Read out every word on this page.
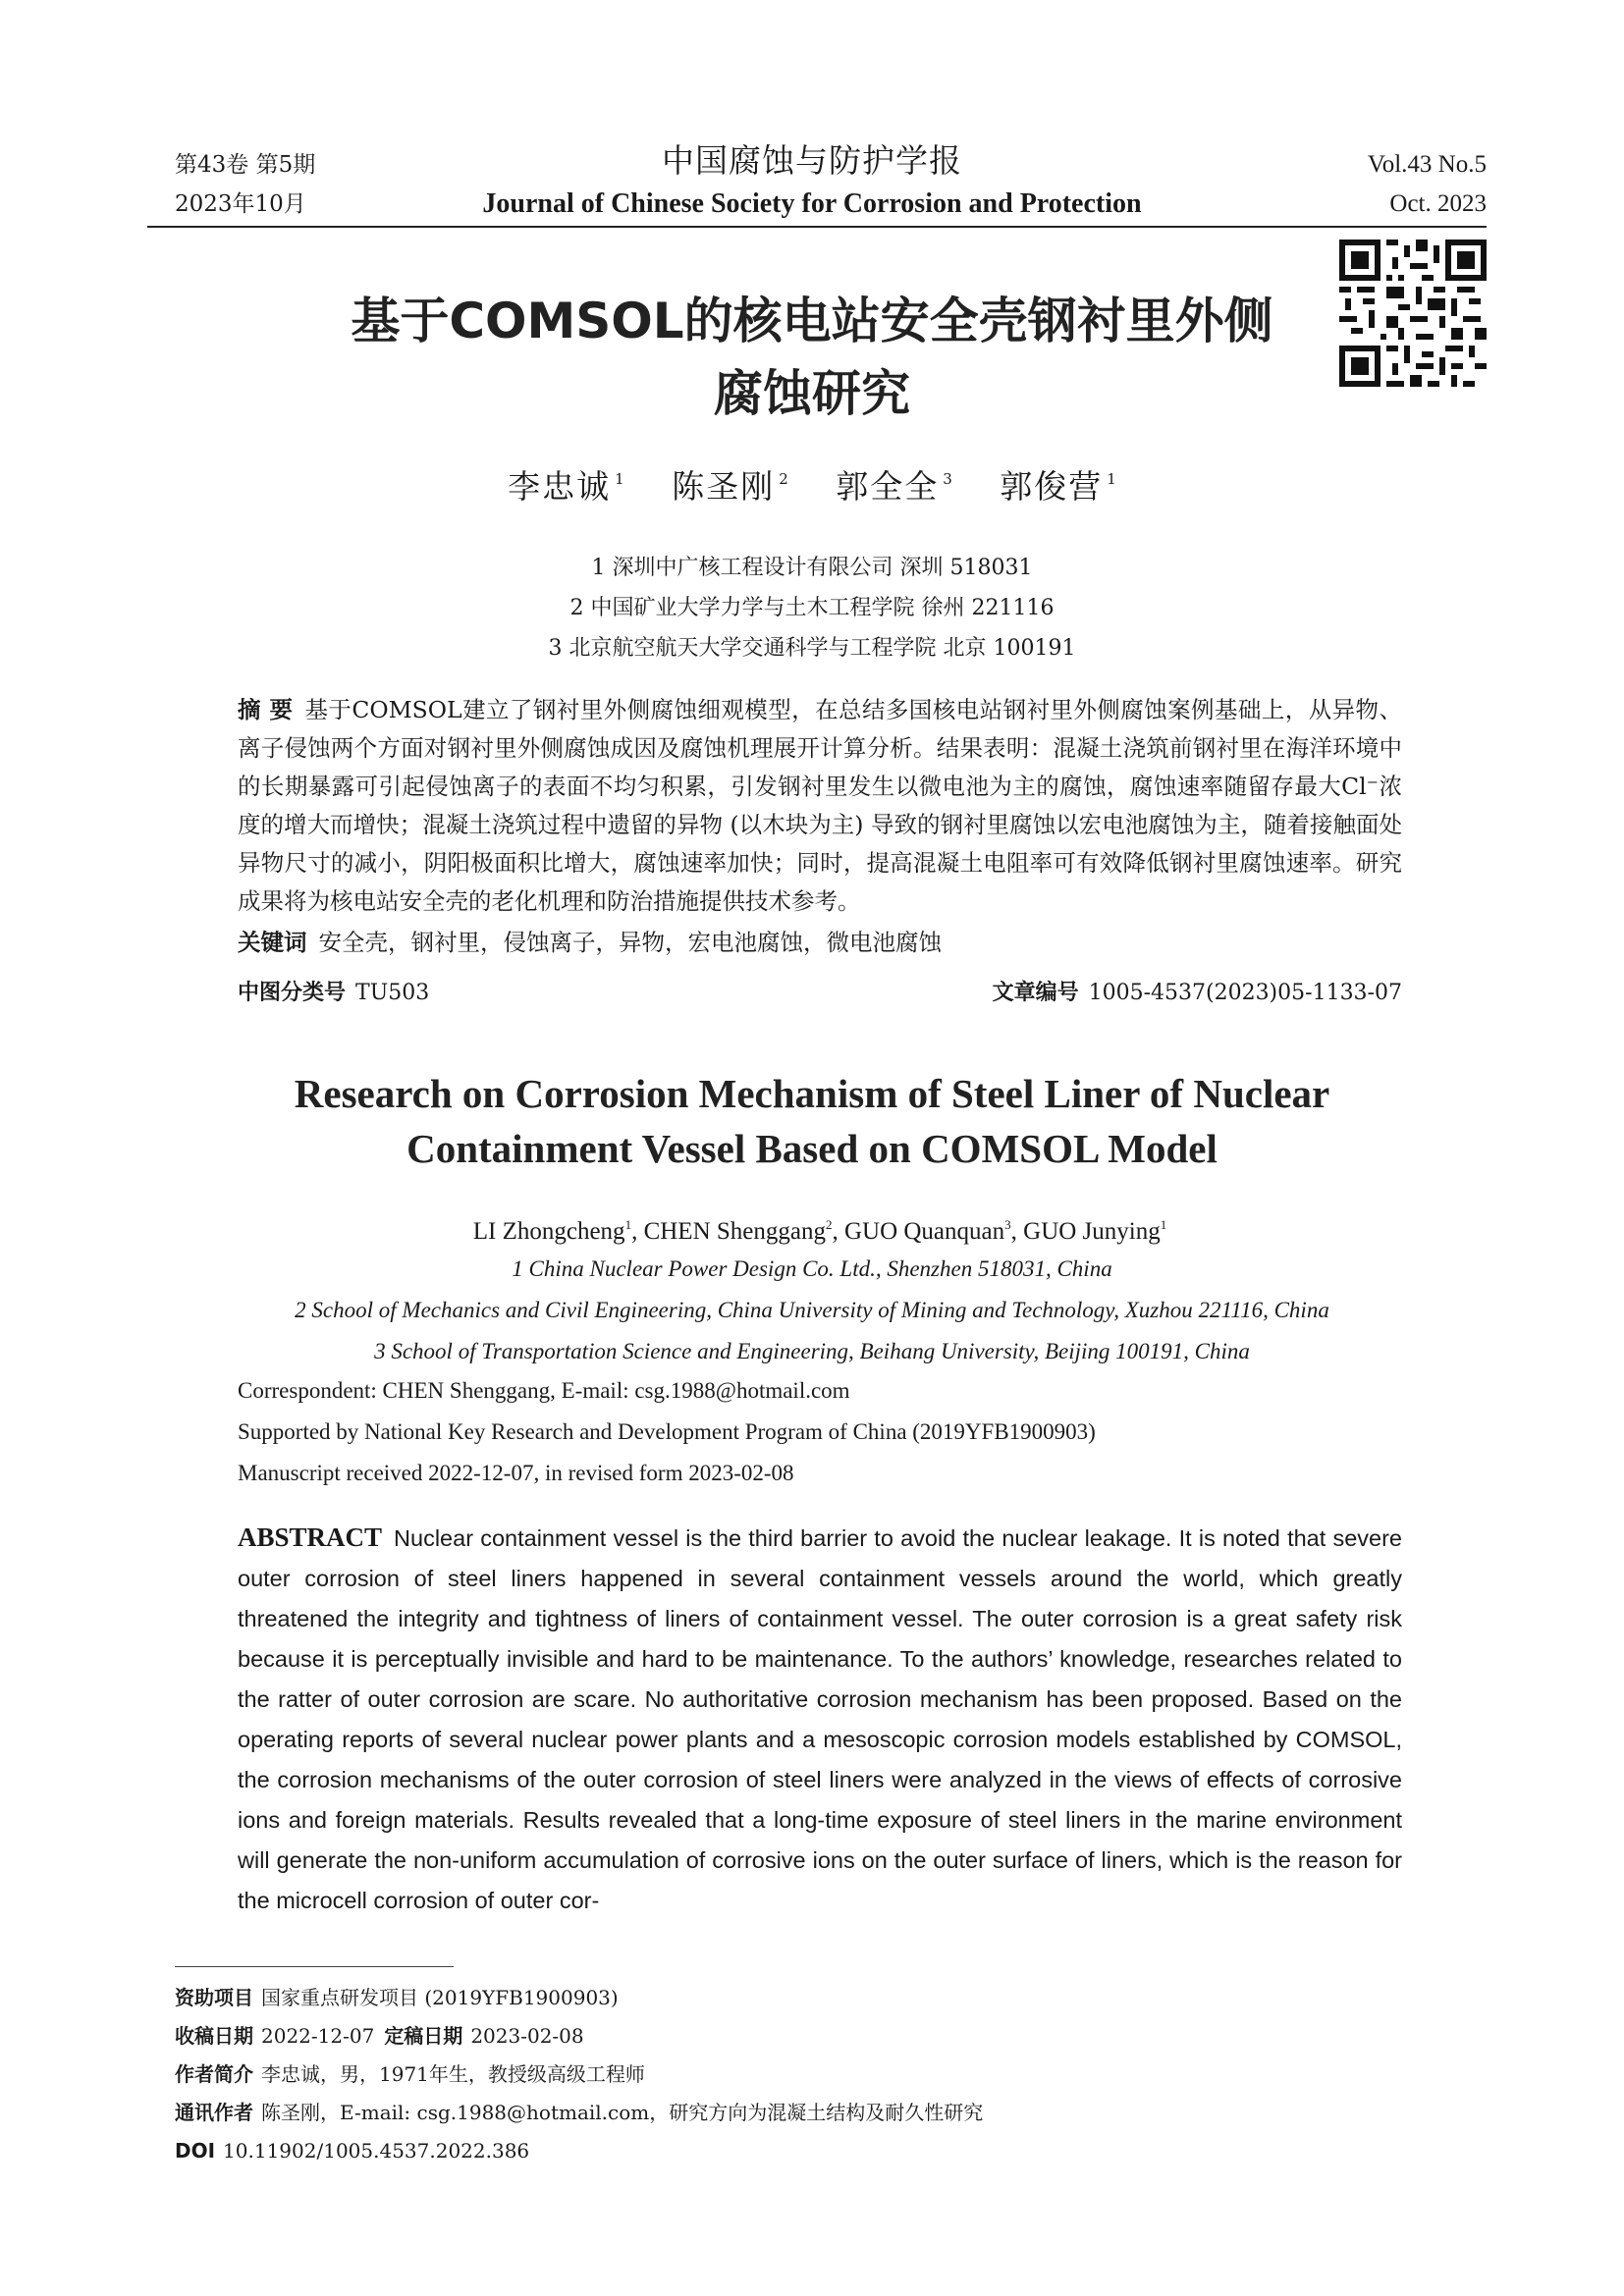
第43卷 第5期
2023年10月
中国腐蚀与防护学报
Journal of Chinese Society for Corrosion and Protection
Vol.43 No.5
Oct. 2023
基于COMSOL的核电站安全壳钢衬里外侧
腐蚀研究
李忠诚 $^1$ 陈圣刚 $^2$ 郭全全 $^3$ 郭俊营 $^1$
1 深圳中广核工程设计有限公司 深圳 518031
2 中国矿业大学力学与土木工程学院 徐州 221116
3 北京航空航天大学交通科学与工程学院 北京 100191
摘 要 基于COMSOL建立了钢衬里外侧腐蚀细观模型，在总结多国核电站钢衬里外侧腐蚀案例基础上，从异物、离子侵蚀两个方面对钢衬里外侧腐蚀成因及腐蚀机理展开计算分析。结果表明：混凝土浇筑前钢衬里在海洋环境中的长期暴露可引起侵蚀离子的表面不均匀积累，引发钢衬里发生以微电池为主的腐蚀，腐蚀速率随留存最大Cl⁻浓度的增大而增快；混凝土浇筑过程中遗留的异物 (以木块为主) 导致的钢衬里腐蚀以宏电池腐蚀为主，随着接触面处异物尺寸的减小，阴阳极面积比增大，腐蚀速率加快；同时，提高混凝土电阻率可有效降低钢衬里腐蚀速率。研究成果将为核电站安全壳的老化机理和防治措施提供技术参考。
关键词 安全壳，钢衬里，侵蚀离子，异物，宏电池腐蚀，微电池腐蚀
中图分类号 TU503	文章编号 1005-4537(2023)05-1133-07
Research on Corrosion Mechanism of Steel Liner of Nuclear
Containment Vessel Based on COMSOL Model
LI Zhongcheng$^1$, CHEN Shenggang$^2$, GUO Quanquan$^3$, GUO Junying$^1$
1 China Nuclear Power Design Co. Ltd., Shenzhen 518031, China
2 School of Mechanics and Civil Engineering, China University of Mining and Technology, Xuzhou 221116, China
3 School of Transportation Science and Engineering, Beihang University, Beijing 100191, China
Correspondent: CHEN Shenggang, E-mail: csg.1988@hotmail.com
Supported by National Key Research and Development Program of China (2019YFB1900903)
Manuscript received 2022-12-07, in revised form 2023-02-08
ABSTRACT Nuclear containment vessel is the third barrier to avoid the nuclear leakage. It is noted that severe outer corrosion of steel liners happened in several containment vessels around the world, which greatly threatened the integrity and tightness of liners of containment vessel. The outer corrosion is a great safety risk because it is perceptually invisible and hard to be maintenance. To the authors’ knowledge, researches related to the ratter of outer corrosion are scare. No authoritative corrosion mechanism has been proposed. Based on the operating reports of several nuclear power plants and a mesoscopic corrosion models established by COMSOL, the corrosion mechanisms of the outer corrosion of steel liners were analyzed in the views of effects of corrosive ions and foreign materials. Results revealed that a long-time exposure of steel liners in the marine environment will generate the non-uniform accumulation of corrosive ions on the outer surface of liners, which is the reason for the microcell corrosion of outer cor-
资助项目 国家重点研发项目 (2019YFB1900903)
收稿日期 2022-12-07 定稿日期 2023-02-08
作者简介 李忠诚，男，1971年生，教授级高级工程师
通讯作者 陈圣刚，E-mail: csg.1988@hotmail.com，研究方向为混凝土结构及耐久性研究
DOI 10.11902/1005.4537.2022.386
